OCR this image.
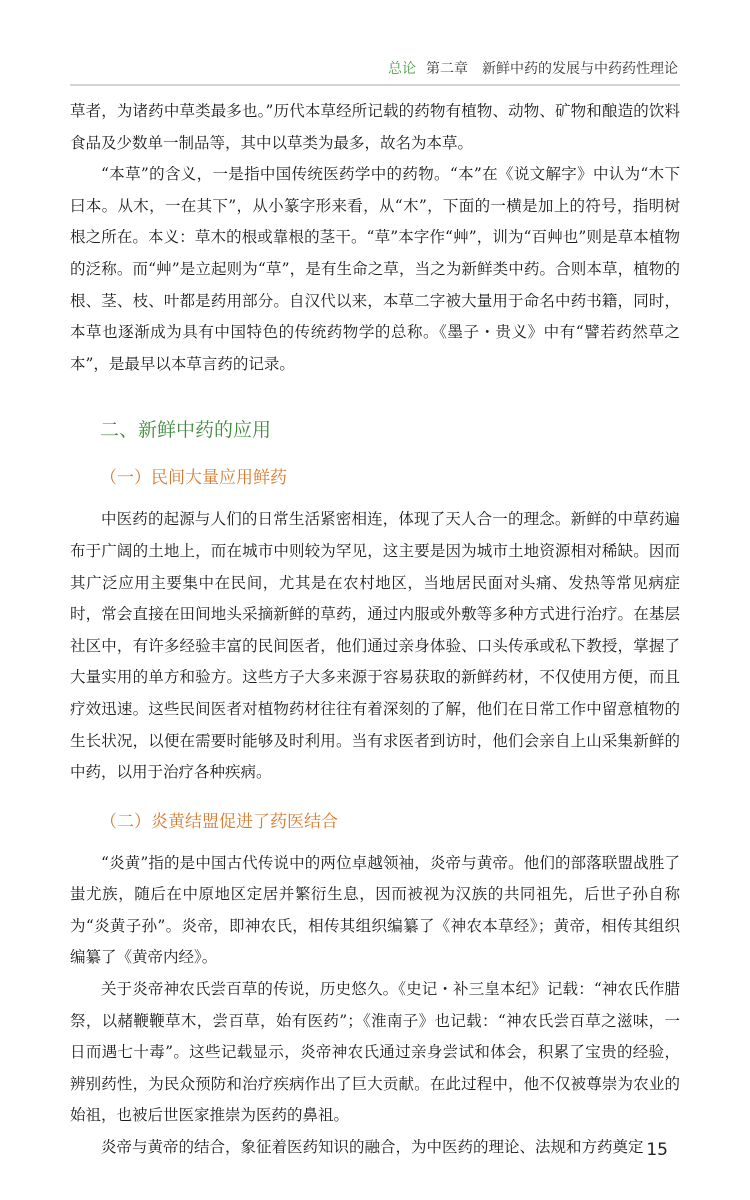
总论 第二章　新鲜中药的发展与中药药性理论

草者，为诸药中草类最多也。”历代本草经所记载的药物有植物、动物、矿物和酿造的饮料食品及少数单一制品等，其中以草类为最多，故名为本草。

“本草”的含义，一是指中国传统医药学中的药物。“本”在《说文解字》中认为“木下曰本。从木，一在其下”，从小篆字形来看，从“木”，下面的一横是加上的符号，指明树根之所在。本义：草木的根或靠根的茎干。“草”本字作“艸”，训为“百艸也”则是草本植物的泛称。而“艸”是立起则为“草”，是有生命之草，当之为新鲜类中药。合则本草，植物的根、茎、枝、叶都是药用部分。自汉代以来，本草二字被大量用于命名中药书籍，同时，本草也逐渐成为具有中国特色的传统药物学的总称。《墨子・贵义》中有“譬若药然草之本”，是最早以本草言药的记录。

二、新鲜中药的应用
（一）民间大量应用鲜药

中医药的起源与人们的日常生活紧密相连，体现了天人合一的理念。新鲜的中草药遍布于广阔的土地上，而在城市中则较为罕见，这主要是因为城市土地资源相对稀缺。因而其广泛应用主要集中在民间，尤其是在农村地区，当地居民面对头痛、发热等常见病症时，常会直接在田间地头采摘新鲜的草药，通过内服或外敷等多种方式进行治疗。在基层社区中，有许多经验丰富的民间医者，他们通过亲身体验、口头传承或私下教授，掌握了大量实用的单方和验方。这些方子大多来源于容易获取的新鲜药材，不仅使用方便，而且疗效迅速。这些民间医者对植物药材往往有着深刻的了解，他们在日常工作中留意植物的生长状况，以便在需要时能够及时利用。当有求医者到访时，他们会亲自上山采集新鲜的中药，以用于治疗各种疾病。

（二）炎黄结盟促进了药医结合

“炎黄”指的是中国古代传说中的两位卓越领袖，炎帝与黄帝。他们的部落联盟战胜了蚩尤族，随后在中原地区定居并繁衍生息，因而被视为汉族的共同祖先，后世子孙自称为“炎黄子孙”。炎帝，即神农氏，相传其组织编纂了《神农本草经》；黄帝，相传其组织编纂了《黄帝内经》。

关于炎帝神农氏尝百草的传说，历史悠久。《史记・补三皇本纪》记载：“神农氏作腊祭，以赭鞭鞭草木，尝百草，始有医药”；《淮南子》也记载：“神农氏尝百草之滋味，一日而遇七十毒”。这些记载显示，炎帝神农氏通过亲身尝试和体会，积累了宝贵的经验，辨别药性，为民众预防和治疗疾病作出了巨大贡献。在此过程中，他不仅被尊崇为农业的始祖，也被后世医家推崇为医药的鼻祖。

炎帝与黄帝的结合，象征着医药知识的融合，为中医药的理论、法规和方药奠定 15
